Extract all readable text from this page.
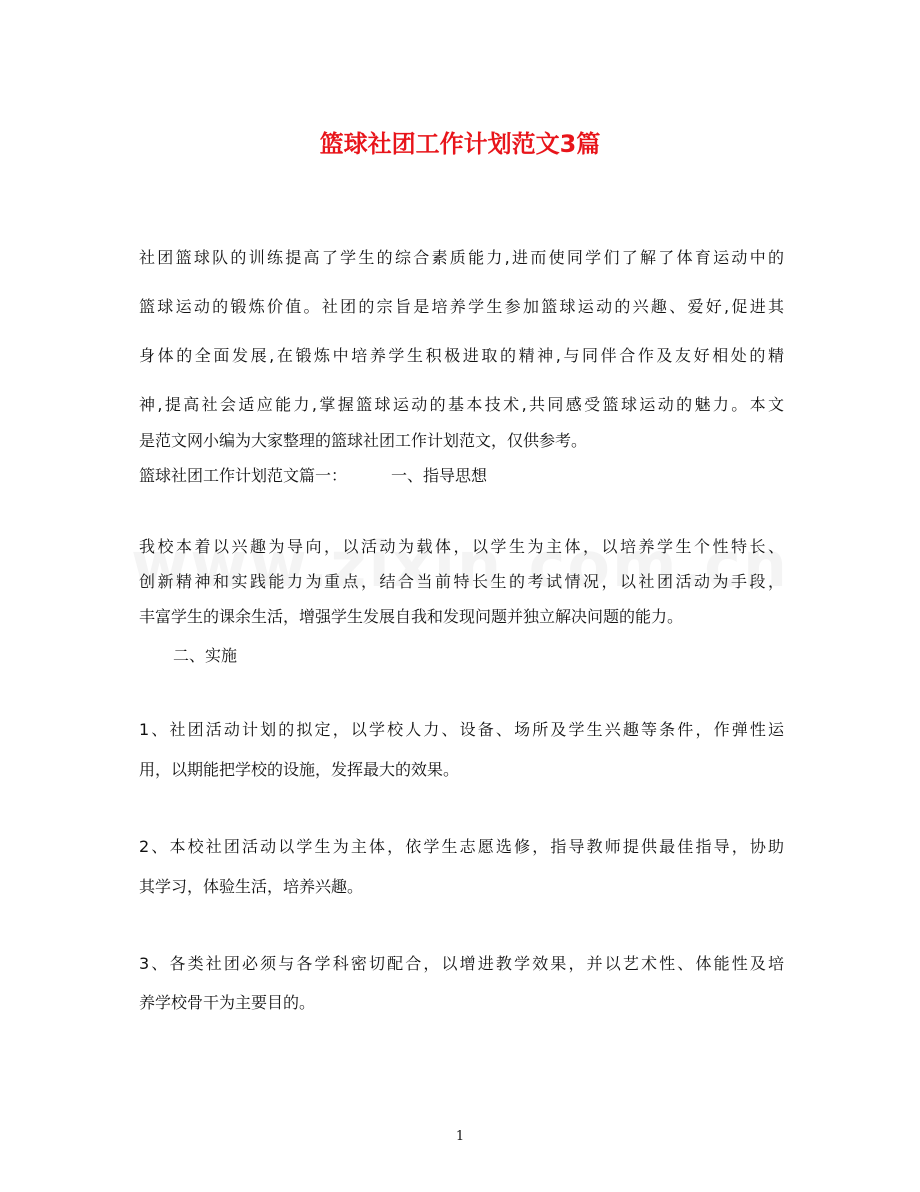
篮球社团工作计划范文3篇
社团篮球队的训练提高了学生的综合素质能力,进而使同学们了解了体育运动中的
篮球运动的锻炼价值。社团的宗旨是培养学生参加篮球运动的兴趣、爱好,促进其
身体的全面发展,在锻炼中培养学生积极进取的精神,与同伴合作及友好相处的精
神,提高社会适应能力,掌握篮球运动的基本技术,共同感受篮球运动的魅力。本文
是范文网小编为大家整理的篮球社团工作计划范文，仅供参考。
篮球社团工作计划范文篇一：	一、指导思想
我校本着以兴趣为导向，以活动为载体，以学生为主体，以培养学生个性特长、
创新精神和实践能力为重点，结合当前特长生的考试情况，以社团活动为手段，
丰富学生的课余生活，增强学生发展自我和发现问题并独立解决问题的能力。
二、实施
1、社团活动计划的拟定，以学校人力、设备、场所及学生兴趣等条件，作弹性运
用，以期能把学校的设施，发挥最大的效果。
2、本校社团活动以学生为主体，依学生志愿选修，指导教师提供最佳指导，协助
其学习，体验生活，培养兴趣。
3、各类社团必须与各学科密切配合，以增进教学效果，并以艺术性、体能性及培
养学校骨干为主要目的。
1
